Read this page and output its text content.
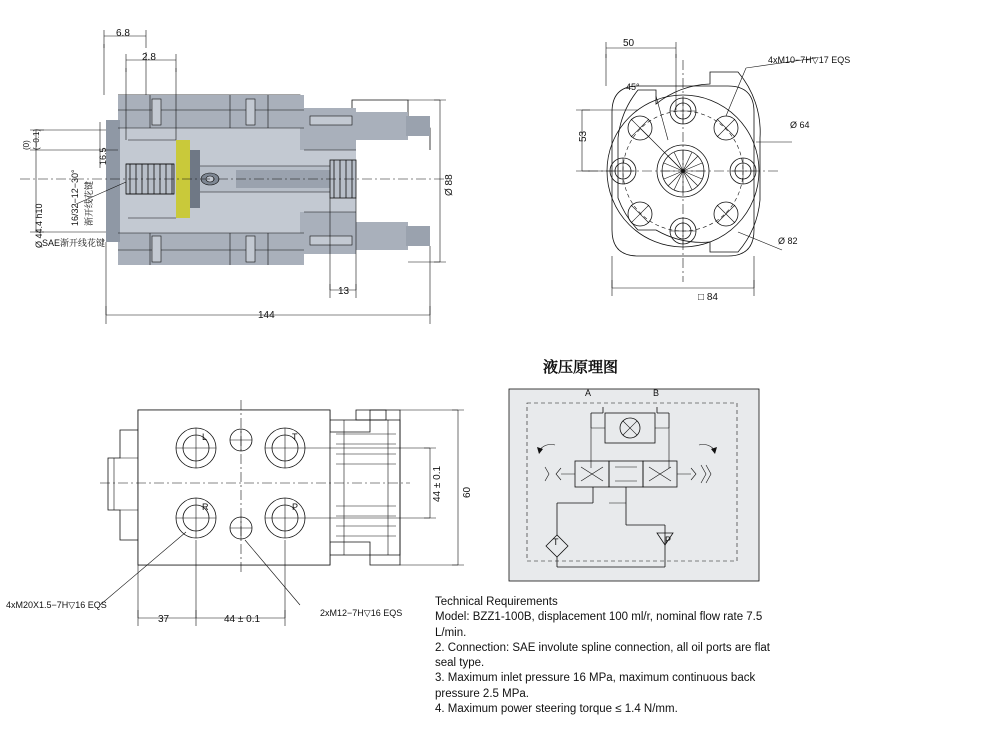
6.8
2.8
16.5
Ø 44.4 h10
(0) (−0.1)
16/32−12−30° 渐开线花键
SAE渐开线花键
Ø 88
13
144
50
53
45°
4xM10−7H▽17 EQS
Ø 64
Ø 82
□ 84
L	T
R	P
60
44 ± 0.1
37	44 ± 0.1
4xM20X1.5−7H▽16 EQS
2xM12−7H▽16 EQS
液压原理图
A	B
T	P
Technical Requirements
Model: BZZ1-100B, displacement 100 ml/r, nominal flow rate 7.5 L/min.
2. Connection: SAE involute spline connection, all oil ports are flat seal type.
3. Maximum inlet pressure 16 MPa, maximum continuous back pressure 2.5 MPa.
4. Maximum power steering torque ≤ 1.4 N/mm.
